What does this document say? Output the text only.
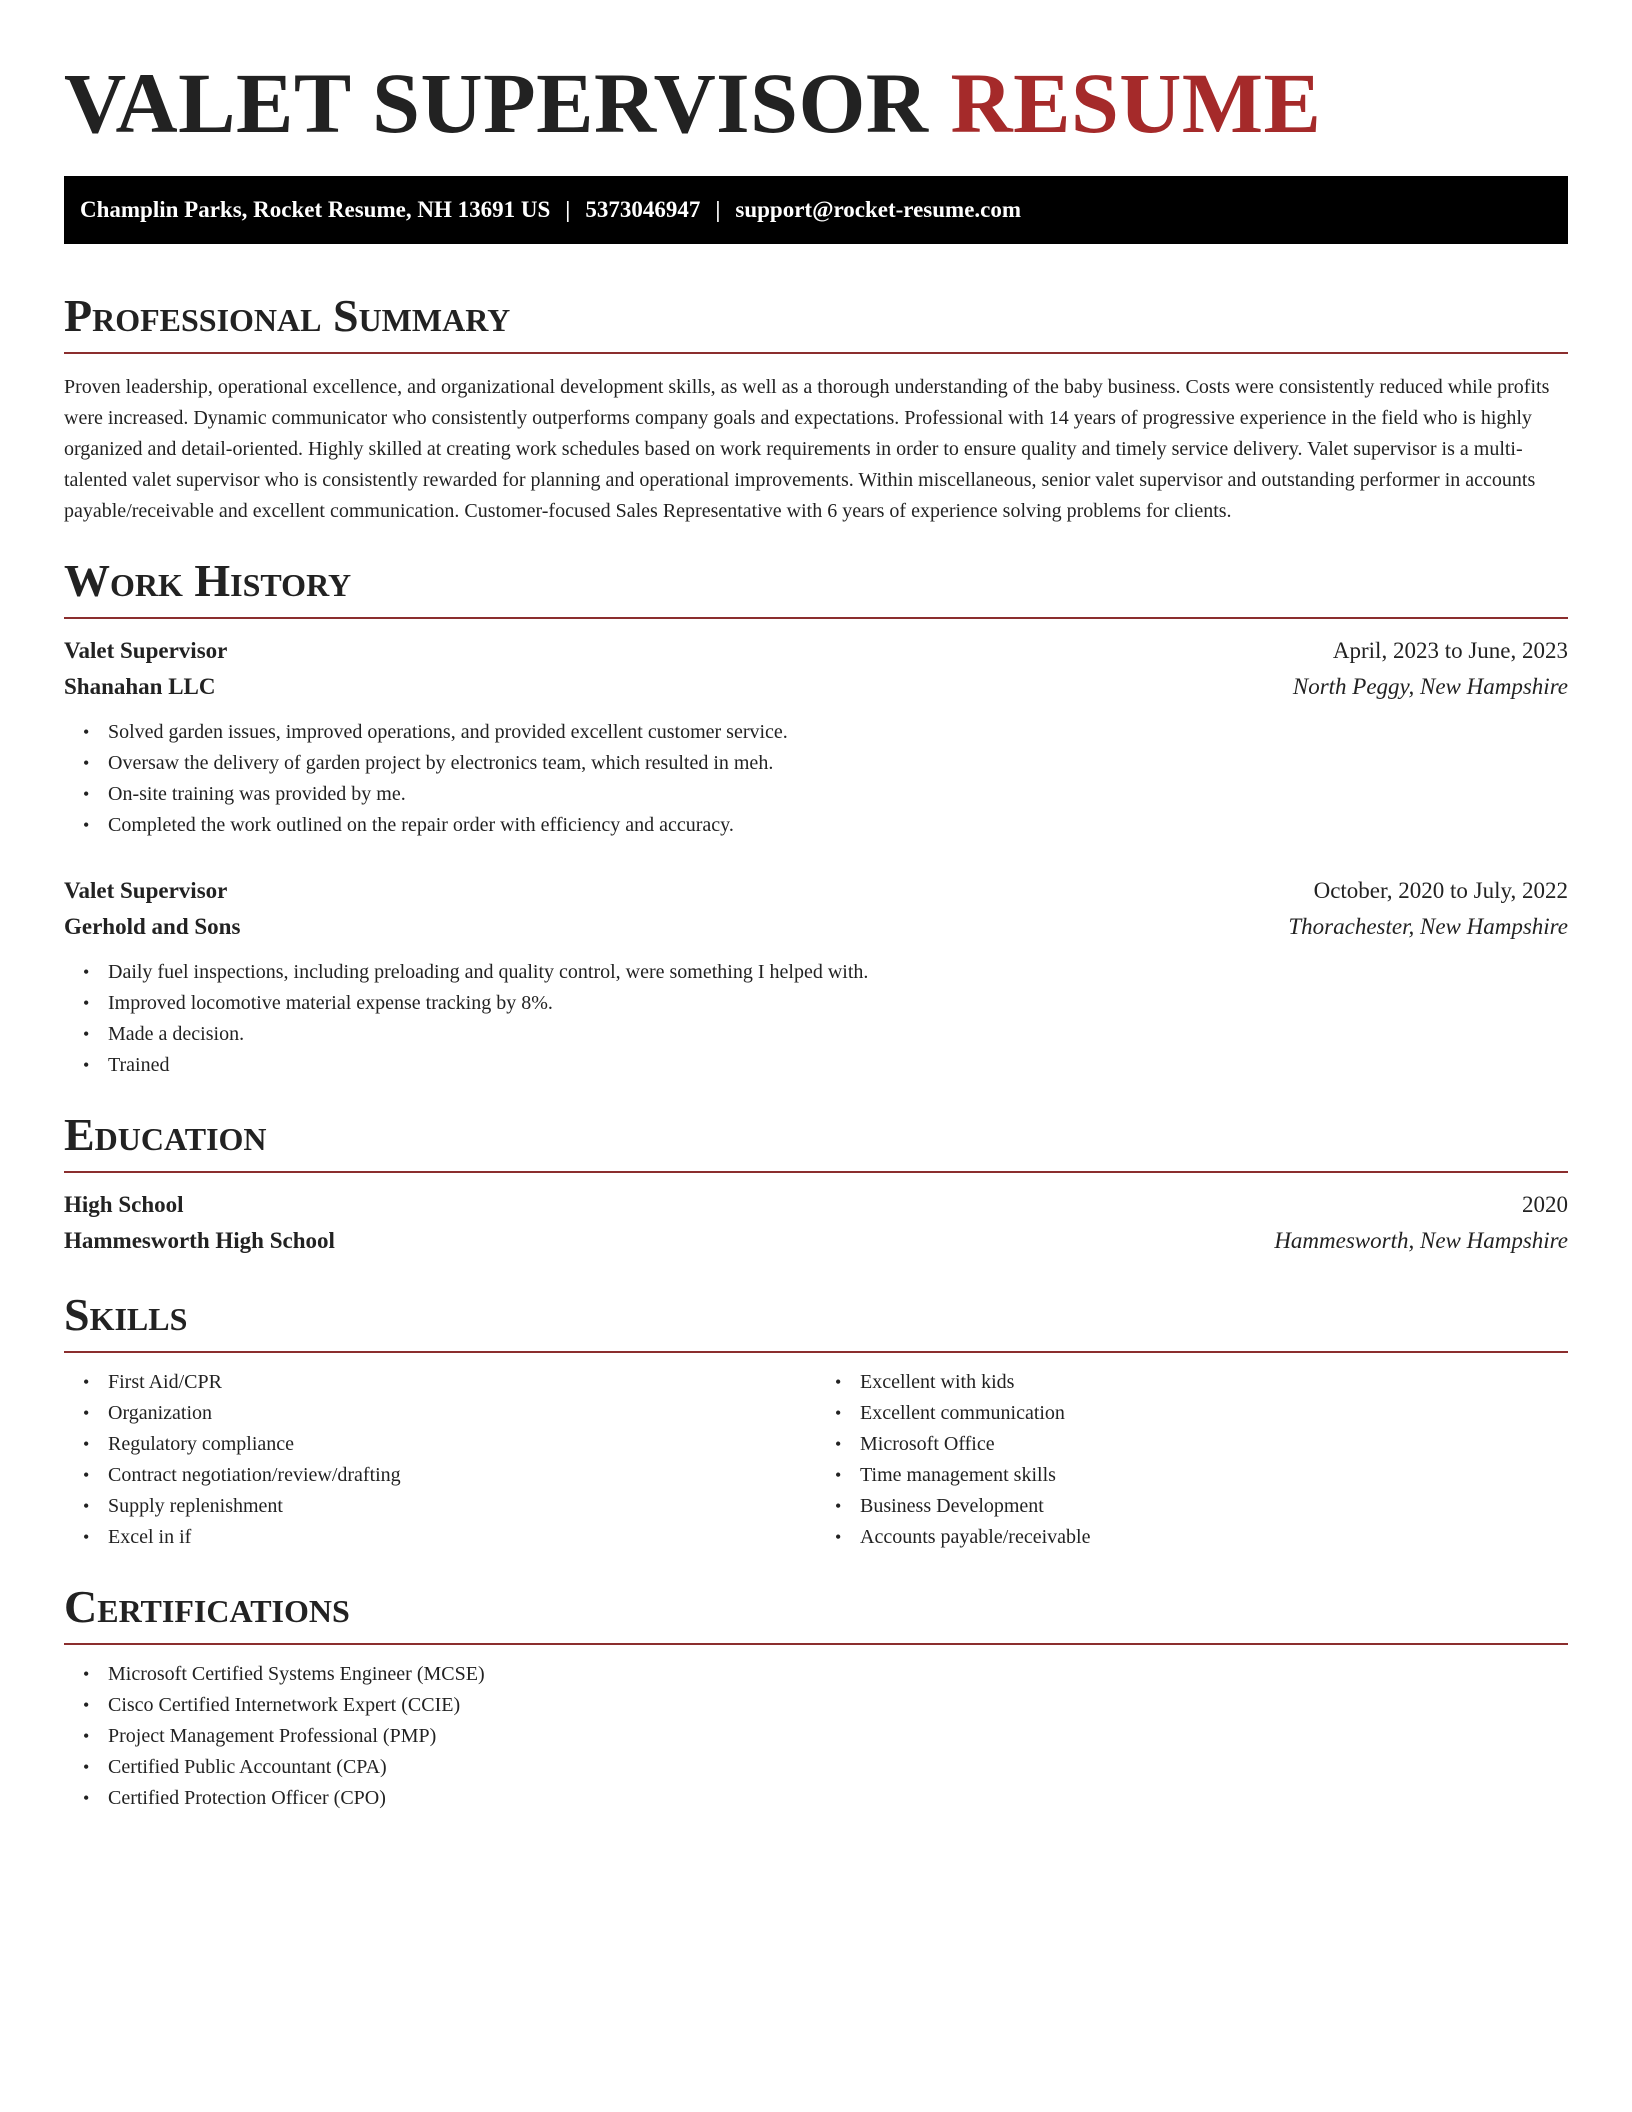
VALET SUPERVISOR RESUME
Champlin Parks, Rocket Resume, NH 13691 US | 5373046947 | support@rocket-resume.com
Professional Summary

Proven leadership, operational excellence, and organizational development skills, as well as a thorough understanding of the baby business. Costs were consistently reduced while profits were increased. Dynamic communicator who consistently outperforms company goals and expectations. Professional with 14 years of progressive experience in the field who is highly organized and detail-oriented. Highly skilled at creating work schedules based on work requirements in order to ensure quality and timely service delivery. Valet supervisor is a multi-talented valet supervisor who is consistently rewarded for planning and operational improvements. Within miscellaneous, senior valet supervisor and outstanding performer in accounts payable/receivable and excellent communication. Customer-focused Sales Representative with 6 years of experience solving problems for clients.

Work History
Valet Supervisor	April, 2023 to June, 2023
Shanahan LLC	North Peggy, New Hampshire
• Solved garden issues, improved operations, and provided excellent customer service.
• Oversaw the delivery of garden project by electronics team, which resulted in meh.
• On-site training was provided by me.
• Completed the work outlined on the repair order with efficiency and accuracy.
Valet Supervisor	October, 2020 to July, 2022
Gerhold and Sons	Thorachester, New Hampshire
• Daily fuel inspections, including preloading and quality control, were something I helped with.
• Improved locomotive material expense tracking by 8%.
• Made a decision.
• Trained
Education
High School	2020
Hammesworth High School	Hammesworth, New Hampshire
Skills
• First Aid/CPR
• Organization
• Regulatory compliance
• Contract negotiation/review/drafting
• Supply replenishment
• Excel in if
• Excellent with kids
• Excellent communication
• Microsoft Office
• Time management skills
• Business Development
• Accounts payable/receivable
Certifications
• Microsoft Certified Systems Engineer (MCSE)
• Cisco Certified Internetwork Expert (CCIE)
• Project Management Professional (PMP)
• Certified Public Accountant (CPA)
• Certified Protection Officer (CPO)
